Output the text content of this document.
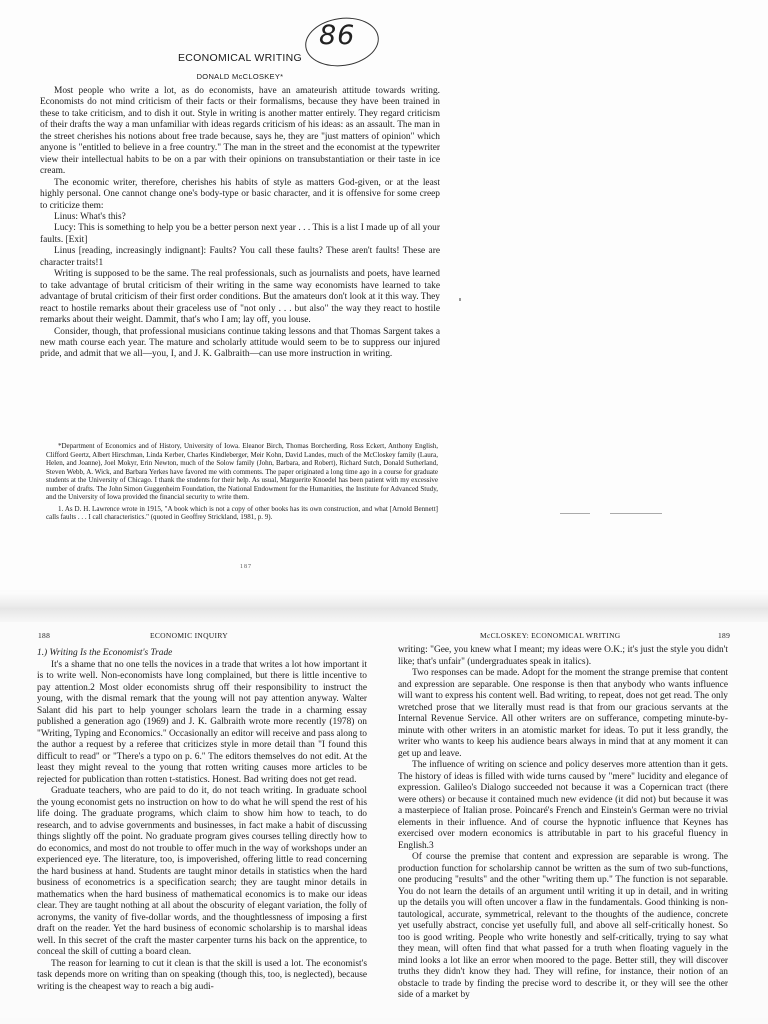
86
ECONOMICAL WRITING
DONALD McCLOSKEY*

Most people who write a lot, as do economists, have an amateurish attitude towards writing. Economists do not mind criticism of their facts or their formalisms, because they have been trained in these to take criticism, and to dish it out. Style in writing is another matter entirely. They regard criticism of their drafts the way a man unfamiliar with ideas regards criticism of his ideas: as an assault. The man in the street cherishes his notions about free trade because, says he, they are "just matters of opinion" which anyone is "entitled to believe in a free country." The man in the street and the economist at the typewriter view their intellectual habits to be on a par with their opinions on transubstantiation or their taste in ice cream.

The economic writer, therefore, cherishes his habits of style as matters God-given, or at the least highly personal. One cannot change one's body-type or basic character, and it is offensive for some creep to criticize them:

Linus: What's this?

Lucy: This is something to help you be a better person next year . . . This is a list I made up of all your faults. [Exit]

Linus [reading, increasingly indignant]: Faults? You call these faults? These aren't faults! These are character traits!1

Writing is supposed to be the same. The real professionals, such as journalists and poets, have learned to take advantage of brutal criticism of their writing in the same way economists have learned to take advantage of brutal criticism of their first order conditions. But the amateurs don't look at it this way. They react to hostile remarks about their graceless use of "not only . . . but also" the way they react to hostile remarks about their weight. Dammit, that's who I am; lay off, you louse.

Consider, though, that professional musicians continue taking lessons and that Thomas Sargent takes a new math course each year. The mature and scholarly attitude would seem to be to suppress our injured pride, and admit that we all—you, I, and J. K. Galbraith—can use more instruction in writing.

*Department of Economics and of History, University of Iowa. Eleanor Birch, Thomas Borcherding, Ross Eckert, Anthony English, Clifford Geertz, Albert Hirschman, Linda Kerber, Charles Kindleberger, Meir Kohn, David Landes, much of the McCloskey family (Laura, Helen, and Joanne), Joel Mokyr, Erin Newton, much of the Solow family (John, Barbara, and Robert), Richard Sutch, Donald Sutherland, Steven Webb, A. Wick, and Barbara Yerkes have favored me with comments. The paper originated a long time ago in a course for graduate students at the University of Chicago. I thank the students for their help. As usual, Marguerite Knoedel has been patient with my excessive number of drafts. The John Simon Guggenheim Foundation, the National Endowment for the Humanities, the Institute for Advanced Study, and the University of Iowa provided the financial security to write them.

1. As D. H. Lawrence wrote in 1915, "A book which is not a copy of other books has its own construction, and what [Arnold Bennett] calls faults . . . I call characteristics." (quoted in Geoffrey Strickland, 1981, p. 9).

187
188	ECONOMIC INQUIRY	McCLOSKEY: ECONOMICAL WRITING	189

1.) Writing Is the Economist's Trade

It's a shame that no one tells the novices in a trade that writes a lot how important it is to write well. Non-economists have long complained, but there is little incentive to pay attention.2 Most older economists shrug off their responsibility to instruct the young, with the dismal remark that the young will not pay attention anyway. Walter Salant did his part to help younger scholars learn the trade in a charming essay published a generation ago (1969) and J. K. Galbraith wrote more recently (1978) on "Writing, Typing and Economics." Occasionally an editor will receive and pass along to the author a request by a referee that criticizes style in more detail than "I found this difficult to read" or "There's a typo on p. 6." The editors themselves do not edit. At the least they might reveal to the young that rotten writing causes more articles to be rejected for publication than rotten t-statistics. Honest. Bad writing does not get read.

Graduate teachers, who are paid to do it, do not teach writing. In graduate school the young economist gets no instruction on how to do what he will spend the rest of his life doing. The graduate programs, which claim to show him how to teach, to do research, and to advise governments and businesses, in fact make a habit of discussing things slightly off the point. No graduate program gives courses telling directly how to do economics, and most do not trouble to offer much in the way of workshops under an experienced eye. The literature, too, is impoverished, offering little to read concerning the hard business at hand. Students are taught minor details in statistics when the hard business of econometrics is a specification search; they are taught minor details in mathematics when the hard business of mathematical economics is to make our ideas clear. They are taught nothing at all about the obscurity of elegant variation, the folly of acronyms, the vanity of five-dollar words, and the thoughtlessness of imposing a first draft on the reader. Yet the hard business of economic scholarship is to marshal ideas well. In this secret of the craft the master carpenter turns his back on the apprentice, to conceal the skill of cutting a board clean.

The reason for learning to cut it clean is that the skill is used a lot. The economist's task depends more on writing than on speaking (though this, too, is neglected), because writing is the cheapest way to reach a big audi-

writing: "Gee, you knew what I meant; my ideas were O.K.; it's just the style you didn't like; that's unfair" (undergraduates speak in italics).

Two responses can be made. Adopt for the moment the strange premise that content and expression are separable. One response is then that anybody who wants influence will want to express his content well. Bad writing, to repeat, does not get read. The only wretched prose that we literally must read is that from our gracious servants at the Internal Revenue Service. All other writers are on sufferance, competing minute-by-minute with other writers in an atomistic market for ideas. To put it less grandly, the writer who wants to keep his audience bears always in mind that at any moment it can get up and leave.

The influence of writing on science and policy deserves more attention than it gets. The history of ideas is filled with wide turns caused by "mere" lucidity and elegance of expression. Galileo's Dialogo succeeded not because it was a Copernican tract (there were others) or because it contained much new evidence (it did not) but because it was a masterpiece of Italian prose. Poincaré's French and Einstein's German were no trivial elements in their influence. And of course the hypnotic influence that Keynes has exercised over modern economics is attributable in part to his graceful fluency in English.3

Of course the premise that content and expression are separable is wrong. The production function for scholarship cannot be written as the sum of two sub-functions, one producing "results" and the other "writing them up." The function is not separable. You do not learn the details of an argument until writing it up in detail, and in writing up the details you will often uncover a flaw in the fundamentals. Good thinking is non-tautological, accurate, symmetrical, relevant to the thoughts of the audience, concrete yet usefully abstract, concise yet usefully full, and above all self-critically honest. So too is good writing. People who write honestly and self-critically, trying to say what they mean, will often find that what passed for a truth when floating vaguely in the mind looks a lot like an error when moored to the page. Better still, they will discover truths they didn't know they had. They will refine, for instance, their notion of an obstacle to trade by finding the precise word to describe it, or they will see the other side of a market by
